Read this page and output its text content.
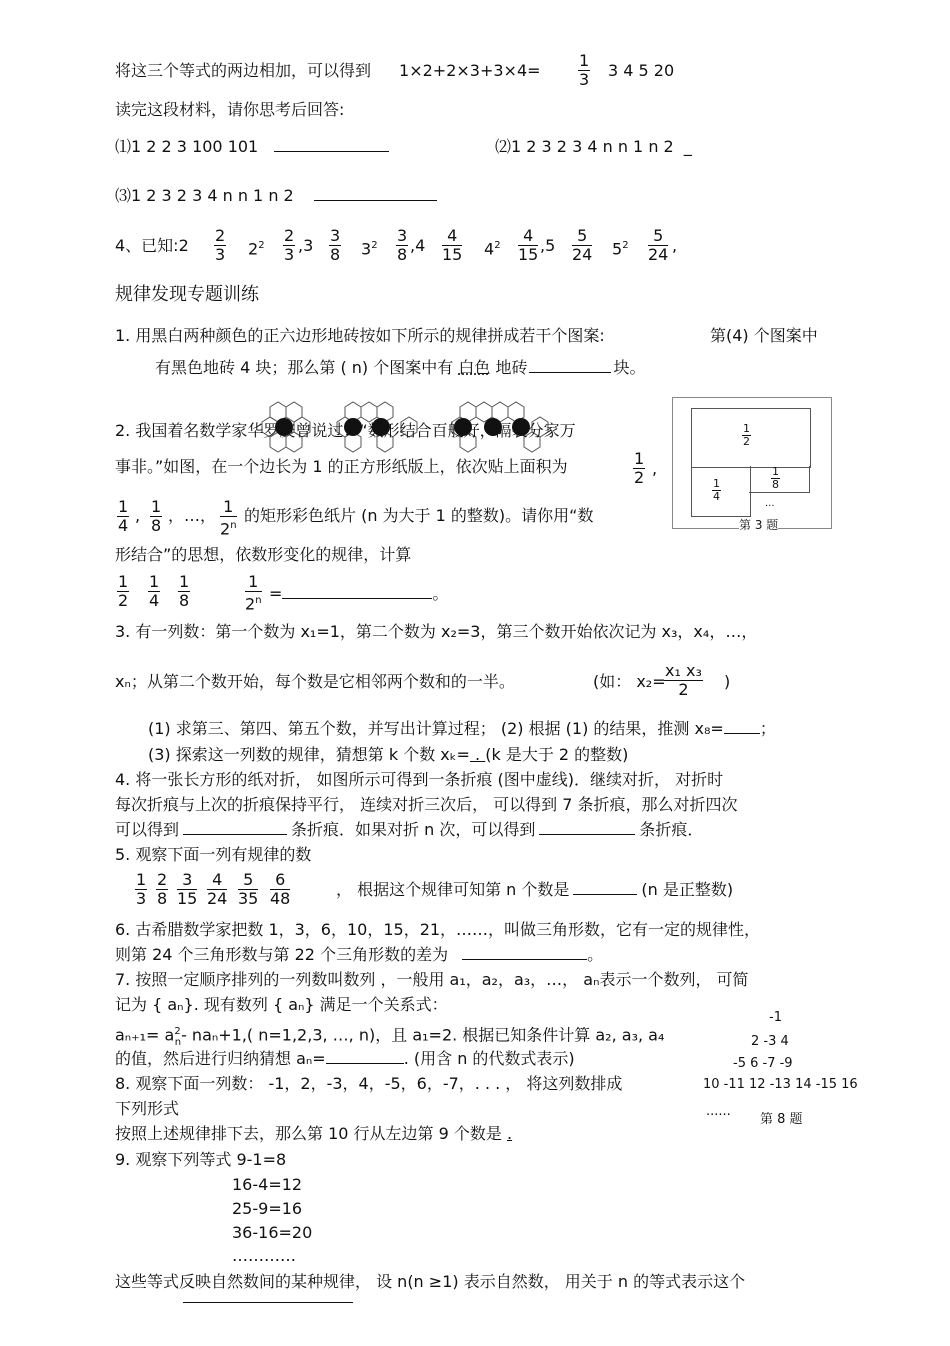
将这三个等式的两边相加，可以得到 $1\times 2+2\times 3+3\times 4= \frac{1}{3} 3$ 4 5 20
读完这段材料，请你思考后回答:
⑴1 2 2 3 100 101	⑵1 2 3 2 3 4 n n 1 n 2 _
⑶1 2 3 2 3 4 n n 1 n 2
4、已知:2 $\frac{2}{3} 2^2 \frac{2}{3} ,3 \frac{3}{8} 3^2 \frac{3}{8} ,4 \frac{4}{15} 4^2 \frac{4}{15} ,5 \frac{5}{24} 5^2 \frac{5}{24}$ ,
规律发现专题训练
1. 用黑白两种颜色的正六边形地砖按如下所示的规律拼成若干个图案:	第(4) 个图案中
有黑色地砖 4 块；那么第 ( n) 个图案中有 白色 地砖	块。
2. 我国着名数学家华罗庚曾说过：“数形结合百般好，隔裂分家万
事非。”如图，在一个边长为 1 的正方形纸版上，依次贴上面积为	$\frac{1}{2}$ ,
$\frac{1}{4}$ , $\frac{1}{8}$ ，…， $\frac{1}{2^n}$ 的矩形彩色纸片 (n 为大于 1 的整数)。请你用“数
形结合”的思想，依数形变化的规律，计算
$\frac{1}{2} \frac{1}{4} \frac{1}{8}$	$\frac{1}{2^n}$ =	。
$\frac{1}{2}$
$\frac{1}{4}$	$\frac{1}{8}$
...
第 3 题
3. 有一列数：第一个数为 x₁=1，第二个数为 x₂=3，第三个数开始依次记为 x₃，x₄，…，
xₙ；从第二个数开始，每个数是它相邻两个数和的一半。	(如： x₂=
$\frac{\text{x₁ x₃}}{2}$ )
(1) 求第三、第四、第五个数，并写出计算过程； (2) 根据 (1) 的结果，推测 x₈= ；
(3) 探索这一列数的规律，猜想第 k 个数 xₖ= . (k 是大于 2 的整数)
4. 将一张长方形的纸对折， 如图所示可得到一条折痕 (图中虚线)．继续对折， 对折时
每次折痕与上次的折痕保持平行， 连续对折三次后， 可以得到 7 条折痕，那么对折四次
可以得到	条折痕．如果对折 n 次，可以得到	条折痕．
5. 观察下面一列有规律的数
$\frac{1}{3} \frac{2}{8} \frac{3}{15} \frac{4}{24} \frac{5}{35} \frac{6}{48}$	， 根据这个规律可知第 n 个数是	(n 是正整数)
6. 古希腊数学家把数 1，3，6，10，15，21，……，叫做三角形数，它有一定的规律性，
则第 24 个三角形数与第 22 个三角形数的差为	。
7. 按照一定顺序排列的一列数叫数列 ，一般用 a₁，a₂，a₃，…， aₙ表示一个数列， 可简
记为 { aₙ}. 现有数列 { aₙ} 满足一个关系式：
$a_{n+1}= a^2_n-$ naₙ+1,( n=1,2,3, …, n)，且 a₁=2. 根据已知条件计算 a₂, a₃, a₄
的值，然后进行归纳猜想 aₙ=	. (用含 n 的代数式表示)
-1
2 -3 4
-5 6 -7 -9
10 -11 12 -13 14 -15 16
......
第 8 题
8. 观察下面一列数： -1，2，-3，4，-5，6，-7，. . . ， 将这列数排成
下列形式
按照上述规律排下去，那么第 10 行从左边第 9 个数是 .
9. 观察下列等式 9-1=8
16-4=12
25-9=16
36-16=20
…………
这些等式反映自然数间的某种规律， 设 n(n ≥1) 表示自然数， 用关于 n 的等式表示这个
